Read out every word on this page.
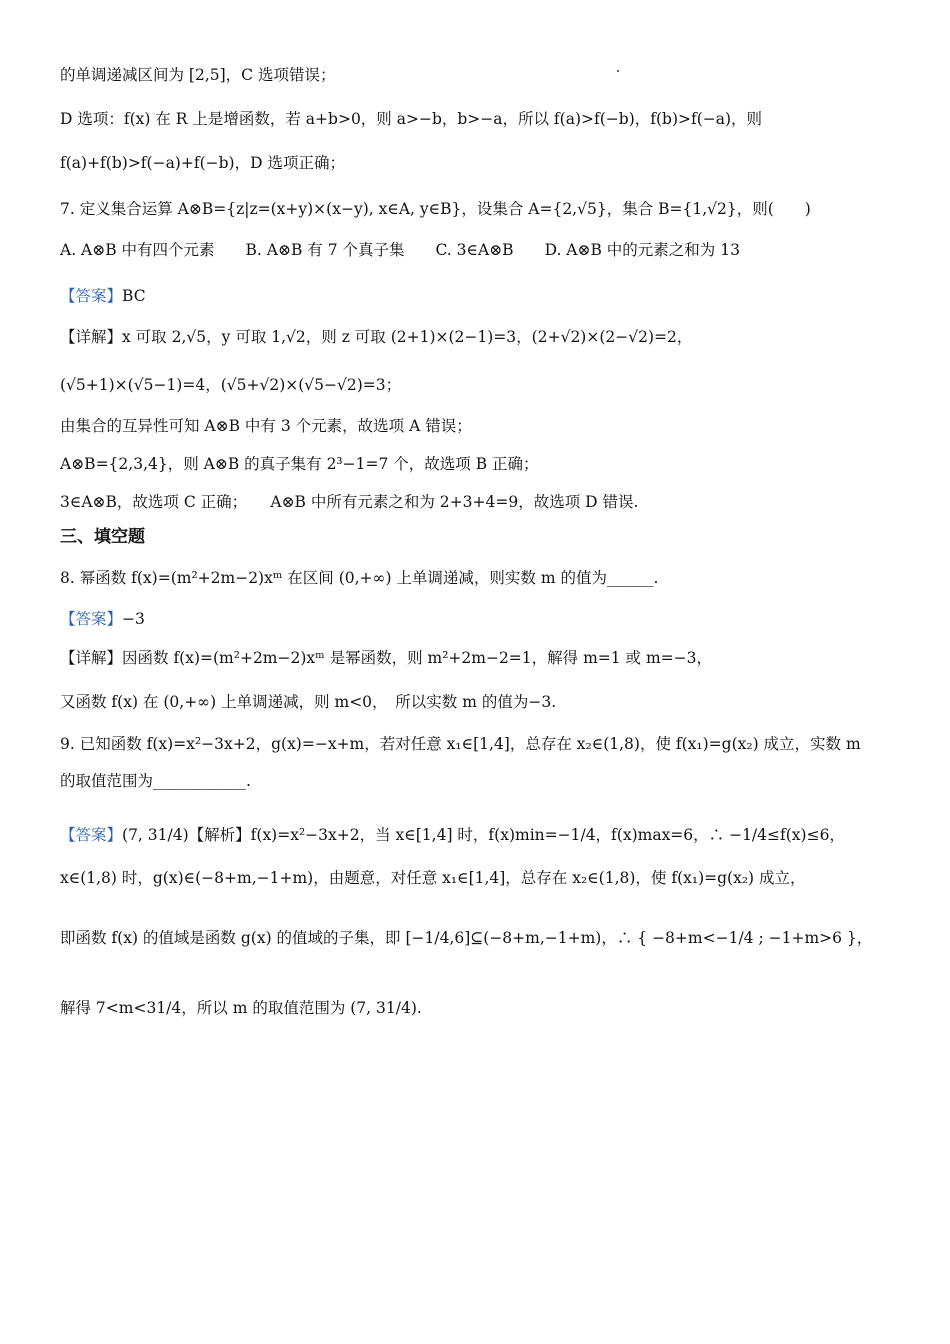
的单调递减区间为 [2,5]，C 选项错误；
D 选项：f(x) 在 R 上是增函数，若 a+b>0，则 a>−b，b>−a，所以 f(a)>f(−b)，f(b)>f(−a)，则
f(a)+f(b)>f(−a)+f(−b)，D 选项正确；
7. 定义集合运算 A⊗B={z|z=(x+y)×(x−y), x∈A, y∈B}，设集合 A={2,√5}，集合 B={1,√2}，则(　　)
A. A⊗B 中有四个元素　　B. A⊗B 有 7 个真子集　　C. 3∈A⊗B　　D. A⊗B 中的元素之和为 13
【答案】BC
【详解】x 可取 2,√5，y 可取 1,√2，则 z 可取 (2+1)×(2−1)=3，(2+√2)×(2−√2)=2，
(√5+1)×(√5−1)=4，(√5+√2)×(√5−√2)=3；
由集合的互异性可知 A⊗B 中有 3 个元素，故选项 A 错误；
A⊗B={2,3,4}，则 A⊗B 的真子集有 2³−1=7 个，故选项 B 正确；
3∈A⊗B，故选项 C 正确；　　A⊗B 中所有元素之和为 2+3+4=9，故选项 D 错误.
三、填空题
8. 幂函数 f(x)=(m²+2m−2)xᵐ 在区间 (0,+∞) 上单调递减，则实数 m 的值为______.
【答案】−3
【详解】因函数 f(x)=(m²+2m−2)xᵐ 是幂函数，则 m²+2m−2=1，解得 m=1 或 m=−3，
又函数 f(x) 在 (0,+∞) 上单调递减，则 m<0，　所以实数 m 的值为−3.
9. 已知函数 f(x)=x²−3x+2，g(x)=−x+m，若对任意 x₁∈[1,4]，总存在 x₂∈(1,8)，使 f(x₁)=g(x₂) 成立，实数 m
的取值范围为____________.
【答案】(7, 31/4)【解析】f(x)=x²−3x+2，当 x∈[1,4] 时，f(x)min=−1/4，f(x)max=6，∴ −1/4≤f(x)≤6，
x∈(1,8) 时，g(x)∈(−8+m,−1+m)，由题意，对任意 x₁∈[1,4]，总存在 x₂∈(1,8)，使 f(x₁)=g(x₂) 成立，
即函数 f(x) 的值域是函数 g(x) 的值域的子集，即 [−1/4,6]⊆(−8+m,−1+m)，∴ { −8+m<−1/4 ; −1+m>6 }，
解得 7<m<31/4，所以 m 的取值范围为 (7, 31/4).
